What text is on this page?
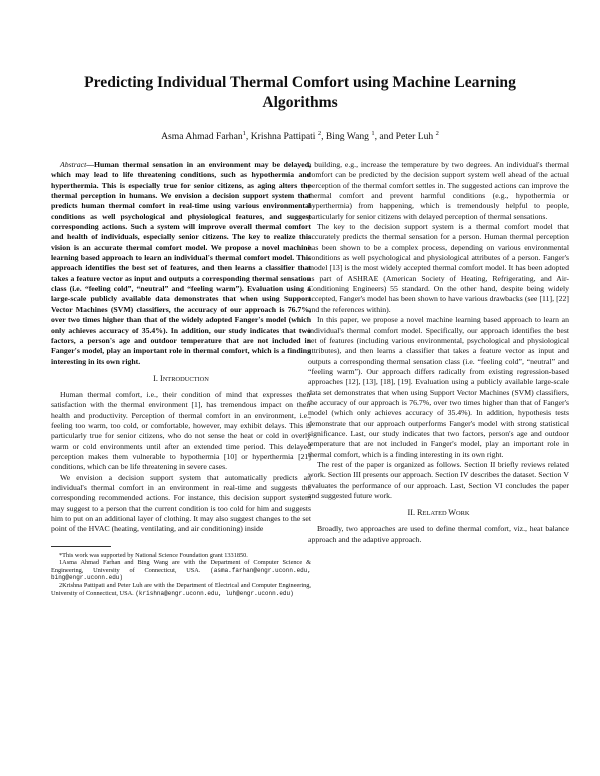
Predicting Individual Thermal Comfort using Machine Learning Algorithms
Asma Ahmad Farhan$^1$, Krishna Pattipati $^2$, Bing Wang $^1$, and Peter Luh $^2$

Abstract—Human thermal sensation in an environment may be delayed, which may lead to life threatening conditions, such as hypothermia and hyperthermia. This is especially true for senior citizens, as aging alters the thermal perception in humans. We envision a decision support system that predicts human thermal comfort in real-time using various environmental conditions as well psychological and physiological features, and suggest corresponding actions. Such a system will improve overall thermal comfort and health of individuals, especially senior citizens. The key to realize this vision is an accurate thermal comfort model. We propose a novel machine learning based approach to learn an individual's thermal comfort model. This approach identifies the best set of features, and then learns a classifier that takes a feature vector as input and outputs a corresponding thermal sensation class (i.e. “feeling cold”, “neutral” and “feeling warm”). Evaluation using a large-scale publicly available data demonstrates that when using Support Vector Machines (SVM) classifiers, the accuracy of our approach is 76.7%, over two times higher than that of the widely adopted Fanger's model (which only achieves accuracy of 35.4%). In addition, our study indicates that two factors, a person's age and outdoor temperature that are not included in Fanger's model, play an important role in thermal comfort, which is a finding interesting in its own right.

I. INTRODUCTION

Human thermal comfort, i.e., their condition of mind that expresses their satisfaction with the thermal environment [1], has tremendous impact on their health and productivity. Perception of thermal comfort in an environment, i.e., feeling too warm, too cold, or comfortable, however, may exhibit delays. This is particularly true for senior citizens, who do not sense the heat or cold in overly warm or cold environments until after an extended time period. This delayed perception makes them vulnerable to hypothermia [10] or hyperthermia [21] conditions, which can be life threatening in severe cases.

We envision a decision support system that automatically predicts an individual's thermal comfort in an environment in real-time and suggests the corresponding recommended actions. For instance, this decision support system may suggest to a person that the current condition is too cold for him and suggests him to put on an additional layer of clothing. It may also suggest changes to the set point of the HVAC (heating, ventilating, and air conditioning) inside

*This work was supported by National Science Foundation grant 1331850.

1Asma Ahmad Farhan and Bing Wang are with the Department of Computer Science & Engineering, University of Connecticut, USA. (asma.farhan@engr.uconn.edu, bing@engr.uconn.edu)

2Krishna Pattipati and Peter Luh are with the Department of Electrical and Computer Engineering, University of Connecticut, USA. (krishna@engr.uconn.edu, luh@engr.uconn.edu)

a building, e.g., increase the temperature by two degrees. An individual's thermal comfort can be predicted by the decision support system well ahead of the actual perception of the thermal comfort settles in. The suggested actions can improve the thermal comfort and prevent harmful conditions (e.g., hypothermia or hyperthermia) from happening, which is tremendously helpful to people, particularly for senior citizens with delayed perception of thermal sensations.

The key to the decision support system is a thermal comfort model that accurately predicts the thermal sensation for a person. Human thermal perception has been shown to be a complex process, depending on various environmental conditions as well psychological and physiological attributes of a person. Fanger's model [13] is the most widely accepted thermal comfort model. It has been adopted as part of ASHRAE (American Society of Heating, Refrigerating, and Air-Conditioning Engineers) 55 standard. On the other hand, despite being widely accepted, Fanger's model has been shown to have various drawbacks (see [11], [22] and the references within).

In this paper, we propose a novel machine learning based approach to learn an individual's thermal comfort model. Specifically, our approach identifies the best set of features (including various environmental, psychological and physiological attributes), and then learns a classifier that takes a feature vector as input and outputs a corresponding thermal sensation class (i.e. “feeling cold”, “neutral” and “feeling warm”). Our approach differs radically from existing regression-based approaches [12], [13], [18], [19]. Evaluation using a publicly available large-scale data set demonstrates that when using Support Vector Machines (SVM) classifiers, the accuracy of our approach is 76.7%, over two times higher than that of Fanger's model (which only achieves accuracy of 35.4%). In addition, hypothesis tests demonstrate that our approach outperforms Fanger's model with strong statistical significance. Last, our study indicates that two factors, person's age and outdoor temperature that are not included in Fanger's model, play an important role in thermal comfort, which is a finding interesting in its own right.

The rest of the paper is organized as follows. Section II briefly reviews related work. Section III presents our approach. Section IV describes the dataset. Section V evaluates the performance of our approach. Last, Section VI concludes the paper and suggested future work.

II. RELATED WORK

Broadly, two approaches are used to define thermal comfort, viz., heat balance approach and the adaptive approach.
